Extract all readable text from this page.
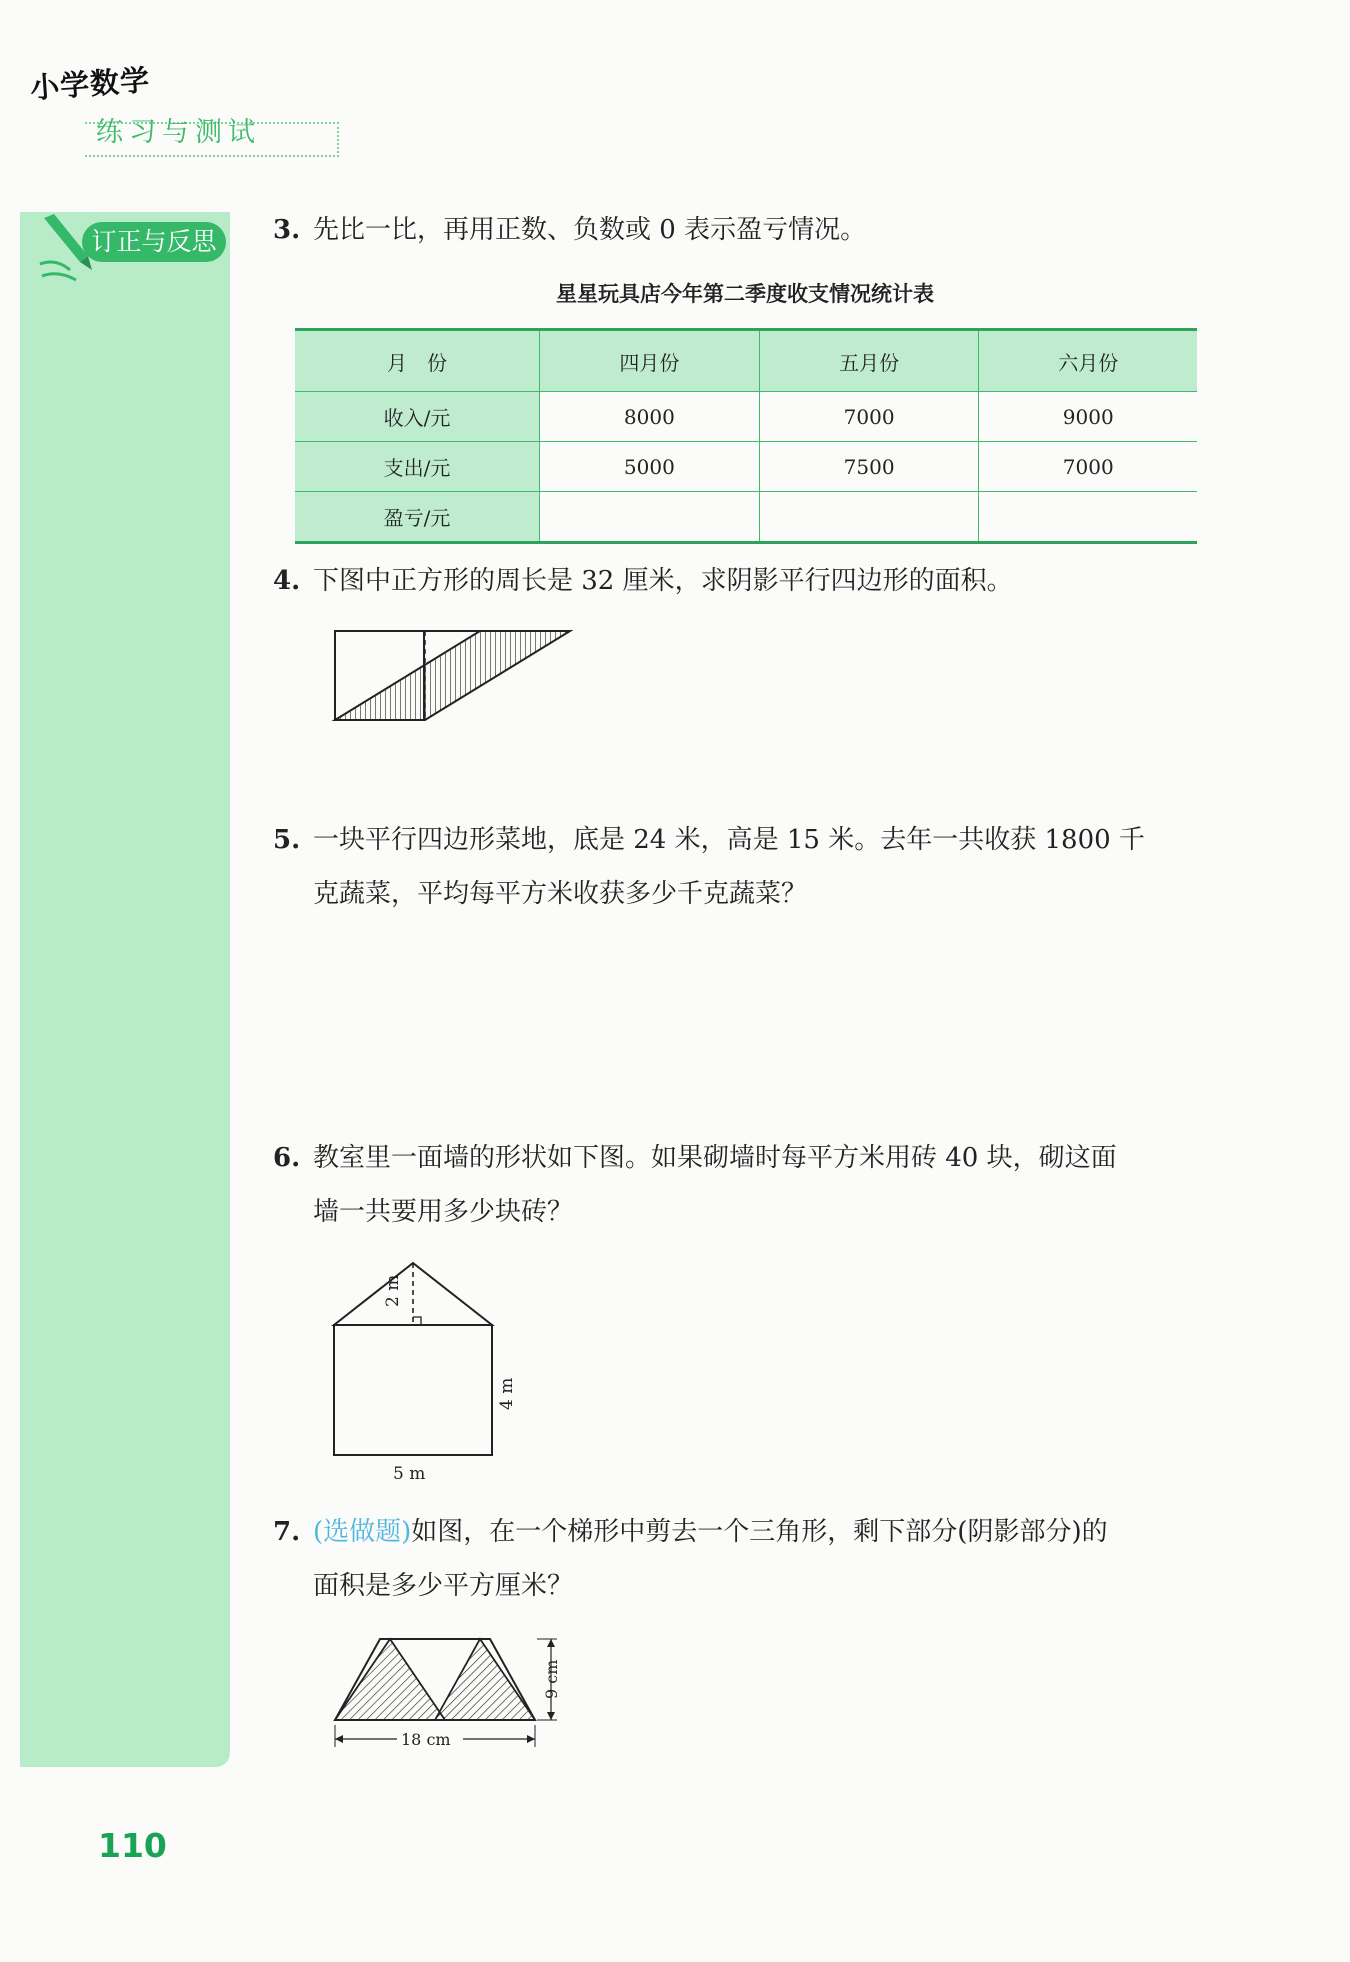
小学数学
练习与测试
订正与反思	3. 先比一比，再用正数、负数或 0 表示盈亏情况。
星星玩具店今年第二季度收支情况统计表
月　份	四月份	五月份	六月份
收入/元	8000	7000	9000
支出/元	5000	7500	7000
盈亏/元			
4. 下图中正方形的周长是 32 厘米，求阴影平行四边形的面积。
5. 一块平行四边形菜地，底是 24 米，高是 15 米。去年一共收获 1800 千
克蔬菜，平均每平方米收获多少千克蔬菜？
6. 教室里一面墙的形状如下图。如果砌墙时每平方米用砖 40 块，砌这面
墙一共要用多少块砖？
2 m
4 m
5 m
7. (选做题)如图，在一个梯形中剪去一个三角形，剩下部分(阴影部分)的
面积是多少平方厘米？
9 cm
18 cm
110
